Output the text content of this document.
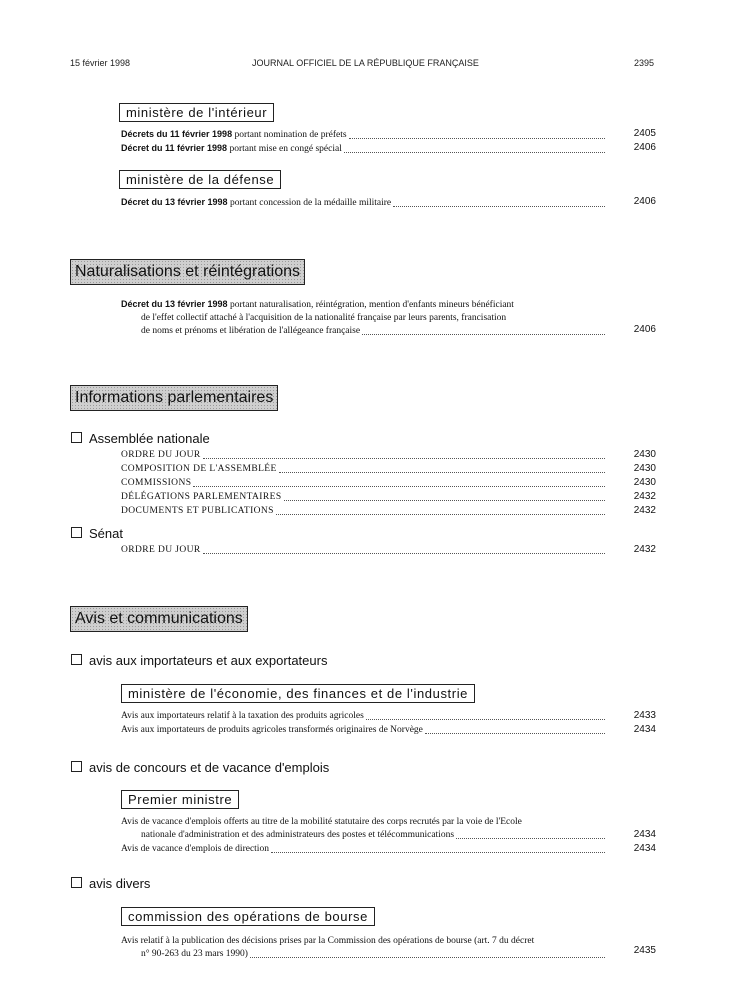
15 février 1998	JOURNAL OFFICIEL DE LA RÉPUBLIQUE FRANÇAISE	2395
ministère de l'intérieur
Décrets du 11 février 1998 portant nomination de préfets	2405
Décret du 11 février 1998 portant mise en congé spécial	2406
ministère de la défense
Décret du 13 février 1998 portant concession de la médaille militaire	2406
Naturalisations et réintégrations
Décret du 13 février 1998 portant naturalisation, réintégration, mention d'enfants mineurs bénéficiant
de l'effet collectif attaché à l'acquisition de la nationalité française par leurs parents, francisation
de noms et prénoms et libération de l'allégeance française	2406
Informations parlementaires
Assemblée nationale
ORDRE DU JOUR	2430
COMPOSITION DE L'ASSEMBLÉE	2430
COMMISSIONS	2430
DÉLÉGATIONS PARLEMENTAIRES	2432
DOCUMENTS ET PUBLICATIONS	2432
Sénat
ORDRE DU JOUR	2432
Avis et communications
avis aux importateurs et aux exportateurs
ministère de l'économie, des finances et de l'industrie
Avis aux importateurs relatif à la taxation des produits agricoles	2433
Avis aux importateurs de produits agricoles transformés originaires de Norvège	2434
avis de concours et de vacance d'emplois
Premier ministre
Avis de vacance d'emplois offerts au titre de la mobilité statutaire des corps recrutés par la voie de l'Ecole
nationale d'administration et des administrateurs des postes et télécommunications	2434
Avis de vacance d'emplois de direction	2434
avis divers
commission des opérations de bourse
Avis relatif à la publication des décisions prises par la Commission des opérations de bourse (art. 7 du décret
n° 90-263 du 23 mars 1990)	2435
